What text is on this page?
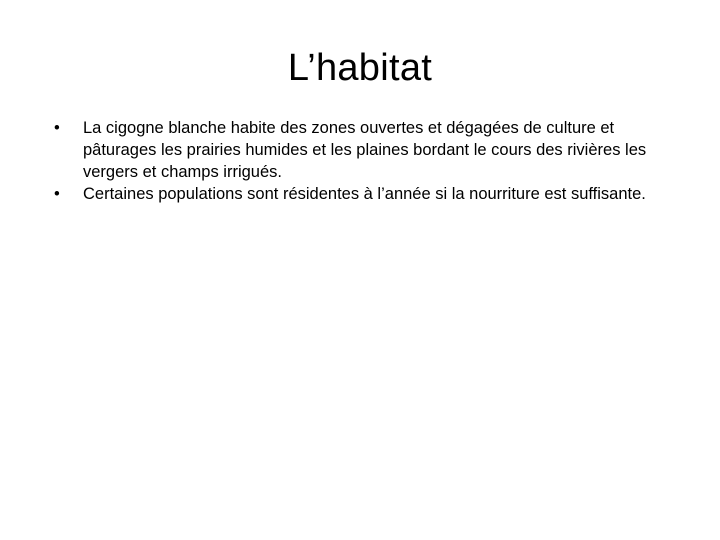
L’habitat
•	La cigogne blanche habite des zones ouvertes et dégagées de culture et pâturages les prairies humides et les plaines bordant le cours des rivières les vergers et champs irrigués.
•	Certaines populations sont résidentes à l’année si la nourriture est suffisante.
